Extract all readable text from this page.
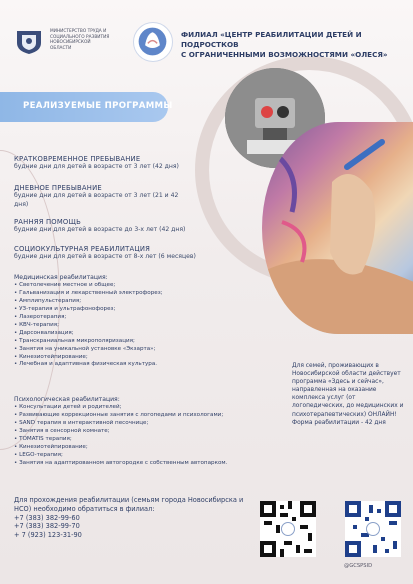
МИНИСТЕРСТВО ТРУДА И СОЦИАЛЬНОГО РАЗВИТИЯ НОВОСИБИРСКОЙ ОБЛАСТИ
ФИЛИАЛ «ЦЕНТР РЕАБИЛИТАЦИИ ДЕТЕЙ И ПОДРОСТКОВ
С ОГРАНИЧЕННЫМИ ВОЗМОЖНОСТЯМИ «ОЛЕСЯ»
РЕАЛИЗУЕМЫЕ ПРОГРАММЫ
КРАТКОВРЕМЕННОЕ ПРЕБЫВАНИЕ
будние дни для детей в возрасте от 3 лет (42 дня)
ДНЕВНОЕ ПРЕБЫВАНИЕ
будние дни для детей в возрасте от 3 лет (21 и 42 дня)
РАННЯЯ ПОМОЩЬ
будние дни для детей в возрасте до 3-х лет (42 дня)
СОЦИОКУЛЬТУРНАЯ РЕАБИЛИТАЦИЯ
будние дни для детей в возрасте от 8-х лет (6 месяцев)
Медицинская реабилитация:
• Светолечение местное и общее;
• Гальванизация и лекарственный электрофорез;
• Амплипульстерапия;
• УЗ-терапия и ультрафонофорез;
• Лазеротерапия;
• КВЧ-терапия;
• Дарсонвализация;
• Транскраниальная микрополяризация;
• Занятия на уникальной установке «Экзарта»;
• Кинезиотейпирование;
• Лечебная и адаптивная физическая культура.
Психологическая реабилитация:
• Консультации детей и родителей;
• Развивающие коррекционные занятия с логопедами и психологами;
• SAND терапия в интерактивной песочнице;
• Занятия в сенсорной комнате;
• TOMATIS терапия;
• Кинезиотейпирование;
• LEGO-терапия;
• Занятия на адаптированном автогородке с собственным автопарком.
Для семей, проживающих в Новосибирской области действует программа «Здесь и сейчас», направленная на оказание комплекса услуг (от логопедических, до медицинских и психотерапевтических) ОНЛАЙН!
Форма реабилитации - 42 дня
Для прохождения реабилитации (семьям города Новосибирска и НСО) необходимо обратиться в филиал:
+7 (383) 382-99-60
+7 (383) 382-99-70
+ 7 (923) 123-31-90
@GCSPSID
